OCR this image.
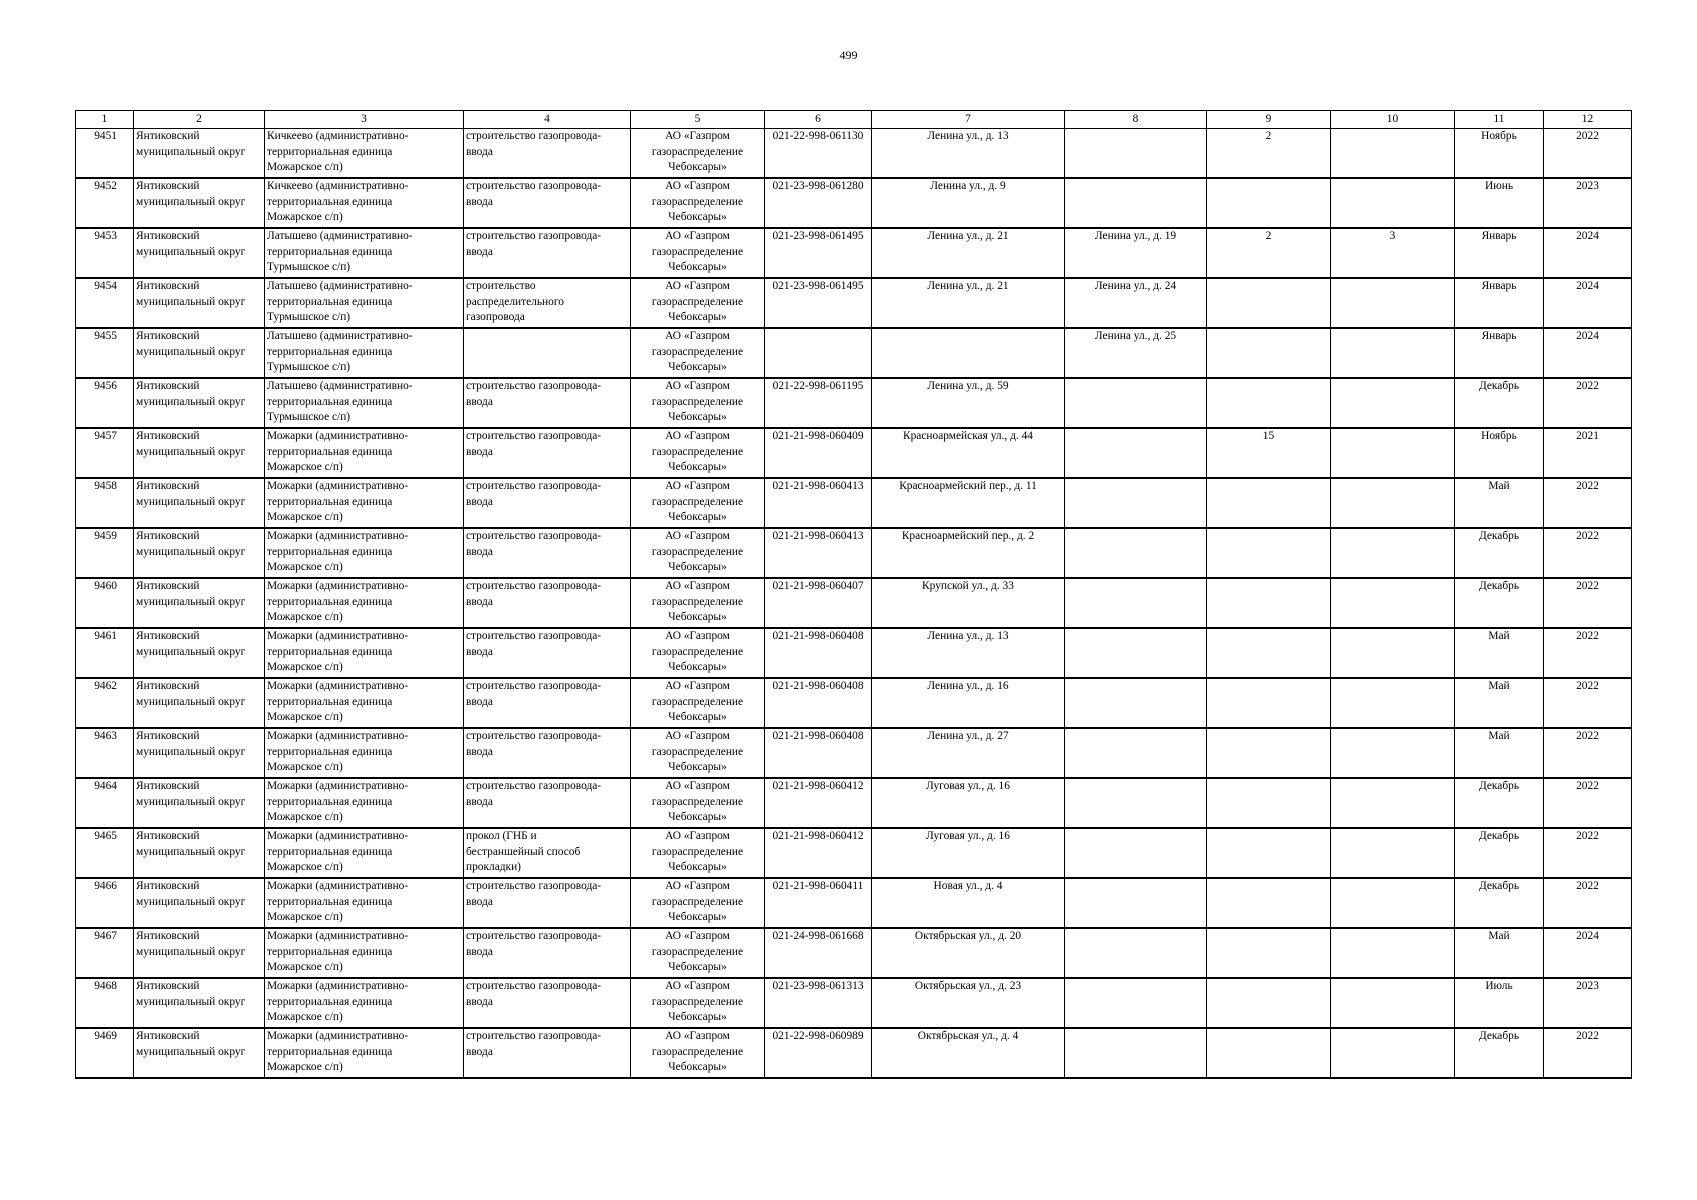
499
1	2	3	4	5	6	7	8	9	10	11	12
9451	Янтиковский
муниципальный округ	Кичкеево (административно-
территориальная единица
Можарское с/п)	строительство газопровода-
ввода	АО «Газпром
газораспределение
Чебоксары»	021-22-998-061130	Ленина ул., д. 13		2		Ноябрь	2022
9452	Янтиковский
муниципальный округ	Кичкеево (административно-
территориальная единица
Можарское с/п)	строительство газопровода-
ввода	АО «Газпром
газораспределение
Чебоксары»	021-23-998-061280	Ленина ул., д. 9				Июнь	2023
9453	Янтиковский
муниципальный округ	Латышево (административно-
территориальная единица
Турмышское с/п)	строительство газопровода-
ввода	АО «Газпром
газораспределение
Чебоксары»	021-23-998-061495	Ленина ул., д. 21	Ленина ул., д. 19	2	3	Январь	2024
9454	Янтиковский
муниципальный округ	Латышево (административно-
территориальная единица
Турмышское с/п)	строительство
распределительного
газопровода	АО «Газпром
газораспределение
Чебоксары»	021-23-998-061495	Ленина ул., д. 21	Ленина ул., д. 24			Январь	2024
9455	Янтиковский
муниципальный округ	Латышево (административно-
территориальная единица
Турмышское с/п)		АО «Газпром
газораспределение
Чебоксары»			Ленина ул., д. 25			Январь	2024
9456	Янтиковский
муниципальный округ	Латышево (административно-
территориальная единица
Турмышское с/п)	строительство газопровода-
ввода	АО «Газпром
газораспределение
Чебоксары»	021-22-998-061195	Ленина ул., д. 59				Декабрь	2022
9457	Янтиковский
муниципальный округ	Можарки (административно-
территориальная единица
Можарское с/п)	строительство газопровода-
ввода	АО «Газпром
газораспределение
Чебоксары»	021-21-998-060409	Красноармейская ул., д. 44		15		Ноябрь	2021
9458	Янтиковский
муниципальный округ	Можарки (административно-
территориальная единица
Можарское с/п)	строительство газопровода-
ввода	АО «Газпром
газораспределение
Чебоксары»	021-21-998-060413	Красноармейский пер., д. 11				Май	2022
9459	Янтиковский
муниципальный округ	Можарки (административно-
территориальная единица
Можарское с/п)	строительство газопровода-
ввода	АО «Газпром
газораспределение
Чебоксары»	021-21-998-060413	Красноармейский пер., д. 2				Декабрь	2022
9460	Янтиковский
муниципальный округ	Можарки (административно-
территориальная единица
Можарское с/п)	строительство газопровода-
ввода	АО «Газпром
газораспределение
Чебоксары»	021-21-998-060407	Крупской ул., д. 33				Декабрь	2022
9461	Янтиковский
муниципальный округ	Можарки (административно-
территориальная единица
Можарское с/п)	строительство газопровода-
ввода	АО «Газпром
газораспределение
Чебоксары»	021-21-998-060408	Ленина ул., д. 13				Май	2022
9462	Янтиковский
муниципальный округ	Можарки (административно-
территориальная единица
Можарское с/п)	строительство газопровода-
ввода	АО «Газпром
газораспределение
Чебоксары»	021-21-998-060408	Ленина ул., д. 16				Май	2022
9463	Янтиковский
муниципальный округ	Можарки (административно-
территориальная единица
Можарское с/п)	строительство газопровода-
ввода	АО «Газпром
газораспределение
Чебоксары»	021-21-998-060408	Ленина ул., д. 27				Май	2022
9464	Янтиковский
муниципальный округ	Можарки (административно-
территориальная единица
Можарское с/п)	строительство газопровода-
ввода	АО «Газпром
газораспределение
Чебоксары»	021-21-998-060412	Луговая ул., д. 16				Декабрь	2022
9465	Янтиковский
муниципальный округ	Можарки (административно-
территориальная единица
Можарское с/п)	прокол (ГНБ и
бестраншейный способ
прокладки)	АО «Газпром
газораспределение
Чебоксары»	021-21-998-060412	Луговая ул., д. 16				Декабрь	2022
9466	Янтиковский
муниципальный округ	Можарки (административно-
территориальная единица
Можарское с/п)	строительство газопровода-
ввода	АО «Газпром
газораспределение
Чебоксары»	021-21-998-060411	Новая ул., д. 4				Декабрь	2022
9467	Янтиковский
муниципальный округ	Можарки (административно-
территориальная единица
Можарское с/п)	строительство газопровода-
ввода	АО «Газпром
газораспределение
Чебоксары»	021-24-998-061668	Октябрьская ул., д. 20				Май	2024
9468	Янтиковский
муниципальный округ	Можарки (административно-
территориальная единица
Можарское с/п)	строительство газопровода-
ввода	АО «Газпром
газораспределение
Чебоксары»	021-23-998-061313	Октябрьская ул., д. 23				Июль	2023
9469	Янтиковский
муниципальный округ	Можарки (административно-
территориальная единица
Можарское с/п)	строительство газопровода-
ввода	АО «Газпром
газораспределение
Чебоксары»	021-22-998-060989	Октябрьская ул., д. 4				Декабрь	2022
